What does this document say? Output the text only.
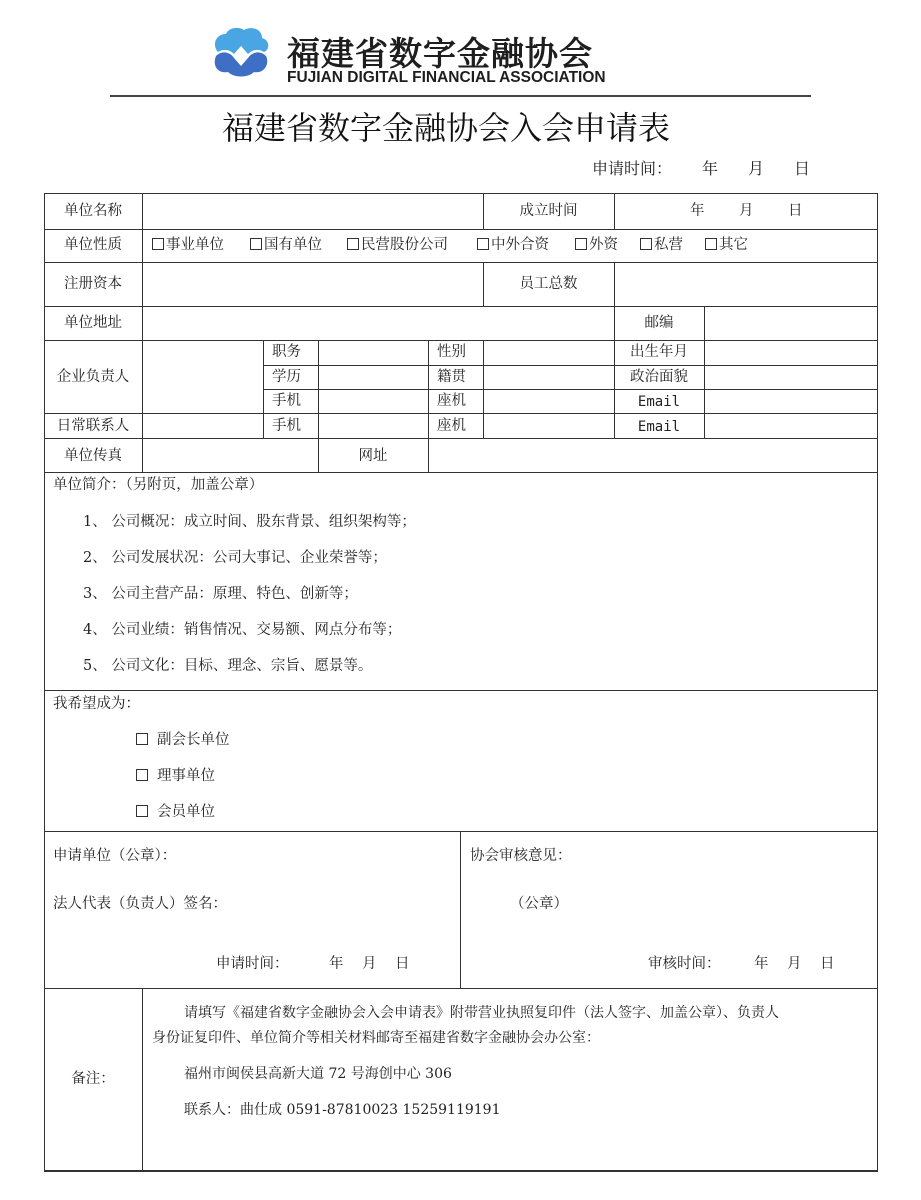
福建省数字金融协会
FUJIAN DIGITAL FINANCIAL ASSOCIATION
福建省数字金融协会入会申请表
申请时间： 年 月 日
单位名称	成立时间	年 月 日
单位性质	事业单位	国有单位	民营股份公司	中外合资	外资	私营	其它
注册资本	员工总数
单位地址	邮编
企业负责人
职务	性别	出生年月
学历	籍贯	政治面貌
手机	座机	Email
日常联系人	手机	座机	Email
单位传真	网址
单位简介：（另附页，加盖公章）
1、 公司概况：成立时间、股东背景、组织架构等；
2、 公司发展状况：公司大事记、企业荣誉等；
3、 公司主营产品：原理、特色、创新等；
4、 公司业绩：销售情况、交易额、网点分布等；
5、 公司文化：目标、理念、宗旨、愿景等。
我希望成为：
副会长单位
理事单位
会员单位
申请单位（公章）：
法人代表（负责人）签名：
申请时间：	年 月 日
协会审核意见：
（公章）
审核时间： 年 月 日
备注：
请填写《福建省数字金融协会入会申请表》附带营业执照复印件（法人签字、加盖公章）、负责人
身份证复印件、单位简介等相关材料邮寄至福建省数字金融协会办公室：
福州市闽侯县高新大道 72 号海创中心 306
联系人：曲仕成 0591-87810023 15259119191
